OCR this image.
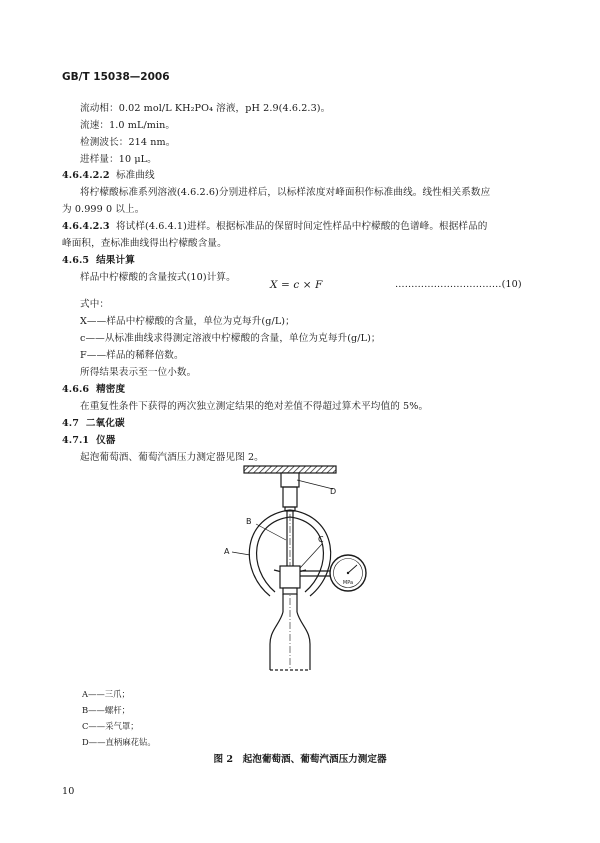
GB/T 15038—2006
流动相：0.02 mol/L KH₂PO₄ 溶液，pH 2.9(4.6.2.3)。
流速：1.0 mL/min。
检测波长：214 nm。
进样量：10 μL。
4.6.4.2.2 标准曲线
将柠檬酸标准系列溶液(4.6.2.6)分别进样后，以标样浓度对峰面积作标准曲线。线性相关系数应
为 0.999 0 以上。
4.6.4.2.3 将试样(4.6.4.1)进样。根据标准品的保留时间定性样品中柠檬酸的色谱峰。根据样品的
峰面积，查标准曲线得出柠檬酸含量。
4.6.5 结果计算
样品中柠檬酸的含量按式(10)计算。
X = c × F	……………………………(10)
式中：
X——样品中柠檬酸的含量，单位为克每升(g/L)；
c——从标准曲线求得测定溶液中柠檬酸的含量，单位为克每升(g/L)；
F——样品的稀释倍数。
所得结果表示至一位小数。
4.6.6 精密度
在重复性条件下获得的两次独立测定结果的绝对差值不得超过算术平均值的 5%。
4.7 二氧化碳
4.7.1 仪器
起泡葡萄酒、葡萄汽酒压力测定器见图 2。
MPa
D
B
C
A
A——三爪；
B——螺杆；
C——采气罩；
D——直柄麻花钻。
图 2　起泡葡萄酒、葡萄汽酒压力测定器
10
